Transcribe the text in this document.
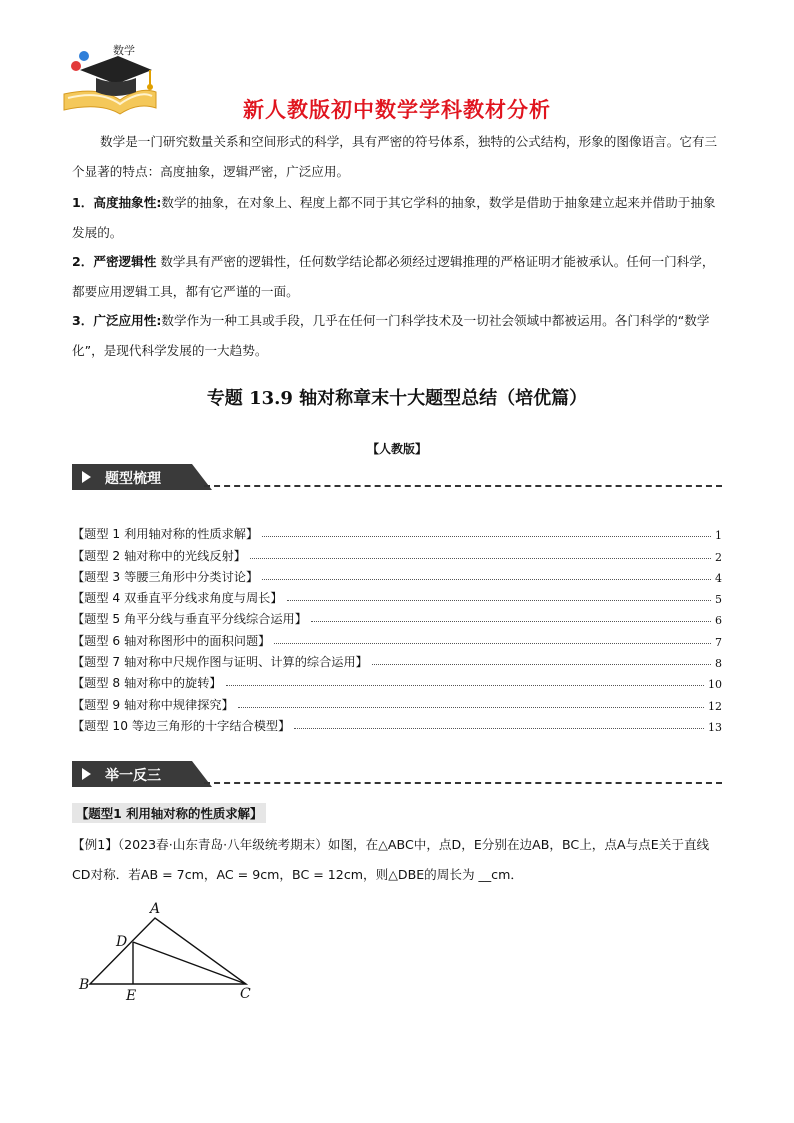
数学
新人教版初中数学学科教材分析
数学是一门研究数量关系和空间形式的科学，具有严密的符号体系，独特的公式结构，形象的图像语言。它有三个显著的特点：高度抽象，逻辑严密，广泛应用。
1．高度抽象性:数学的抽象，在对象上、程度上都不同于其它学科的抽象，数学是借助于抽象建立起来并借助于抽象发展的。
2．严密逻辑性 数学具有严密的逻辑性，任何数学结论都必须经过逻辑推理的严格证明才能被承认。任何一门科学，都要应用逻辑工具，都有它严谨的一面。
3．广泛应用性:数学作为一种工具或手段，几乎在任何一门科学技术及一切社会领域中都被运用。各门科学的“数学化”，是现代科学发展的一大趋势。
专题 13.9 轴对称章末十大题型总结（培优篇）
【人教版】
题型梳理
【题型 1 利用轴对称的性质求解】	1
【题型 2 轴对称中的光线反射】	2
【题型 3 等腰三角形中分类讨论】	4
【题型 4 双垂直平分线求角度与周长】	5
【题型 5 角平分线与垂直平分线综合运用】	6
【题型 6 轴对称图形中的面积问题】	7
【题型 7 轴对称中尺规作图与证明、计算的综合运用】	8
【题型 8 轴对称中的旋转】	10
【题型 9 轴对称中规律探究】	12
【题型 10 等边三角形的十字结合模型】	13
举一反三
【题型1 利用轴对称的性质求解】
【例1】（2023春·山东青岛·八年级统考期末）如图，在△ABC中，点D，E分别在边AB，BC上，点A与点E关于直线CD对称．若AB = 7cm，AC = 9cm，BC = 12cm，则△DBE的周长为 __cm．
A
D
B
E	C
